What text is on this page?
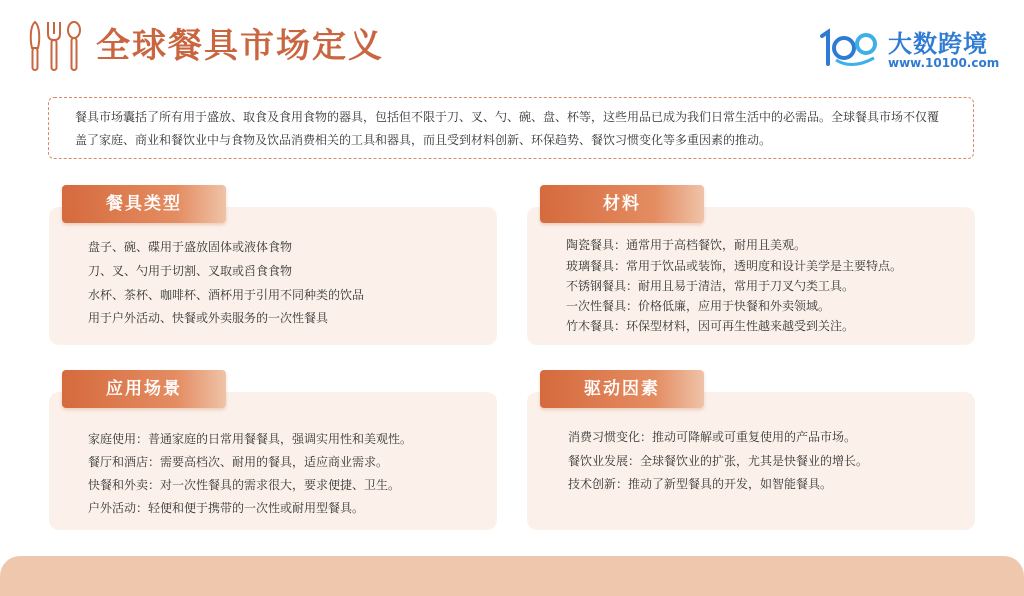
全球餐具市场定义	大数跨境
www.10100.com
餐具市场囊括了所有用于盛放、取食及食用食物的器具，包括但不限于刀、叉、勺、碗、盘、杯等，这些用品已成为我们日常生活中的必需品。全球餐具市场不仅覆盖了家庭、商业和餐饮业中与食物及饮品消费相关的工具和器具，而且受到材料创新、环保趋势、餐饮习惯变化等多重因素的推动。
餐具类型
盘子、碗、碟用于盛放固体或液体食物
刀、叉、勺用于切割、叉取或舀食食物
水杯、茶杯、咖啡杯、酒杯用于引用不同种类的饮品
用于户外活动、快餐或外卖服务的一次性餐具
材料
陶瓷餐具：通常用于高档餐饮，耐用且美观。
玻璃餐具：常用于饮品或装饰，透明度和设计美学是主要特点。
不锈钢餐具：耐用且易于清洁，常用于刀叉勺类工具。
一次性餐具：价格低廉，应用于快餐和外卖领域。
竹木餐具：环保型材料，因可再生性越来越受到关注。
应用场景
家庭使用：普通家庭的日常用餐餐具，强调实用性和美观性。
餐厅和酒店：需要高档次、耐用的餐具，适应商业需求。
快餐和外卖：对一次性餐具的需求很大，要求便捷、卫生。
户外活动：轻便和便于携带的一次性或耐用型餐具。
驱动因素
消费习惯变化：推动可降解或可重复使用的产品市场。
餐饮业发展：全球餐饮业的扩张，尤其是快餐业的增长。
技术创新：推动了新型餐具的开发，如智能餐具。
